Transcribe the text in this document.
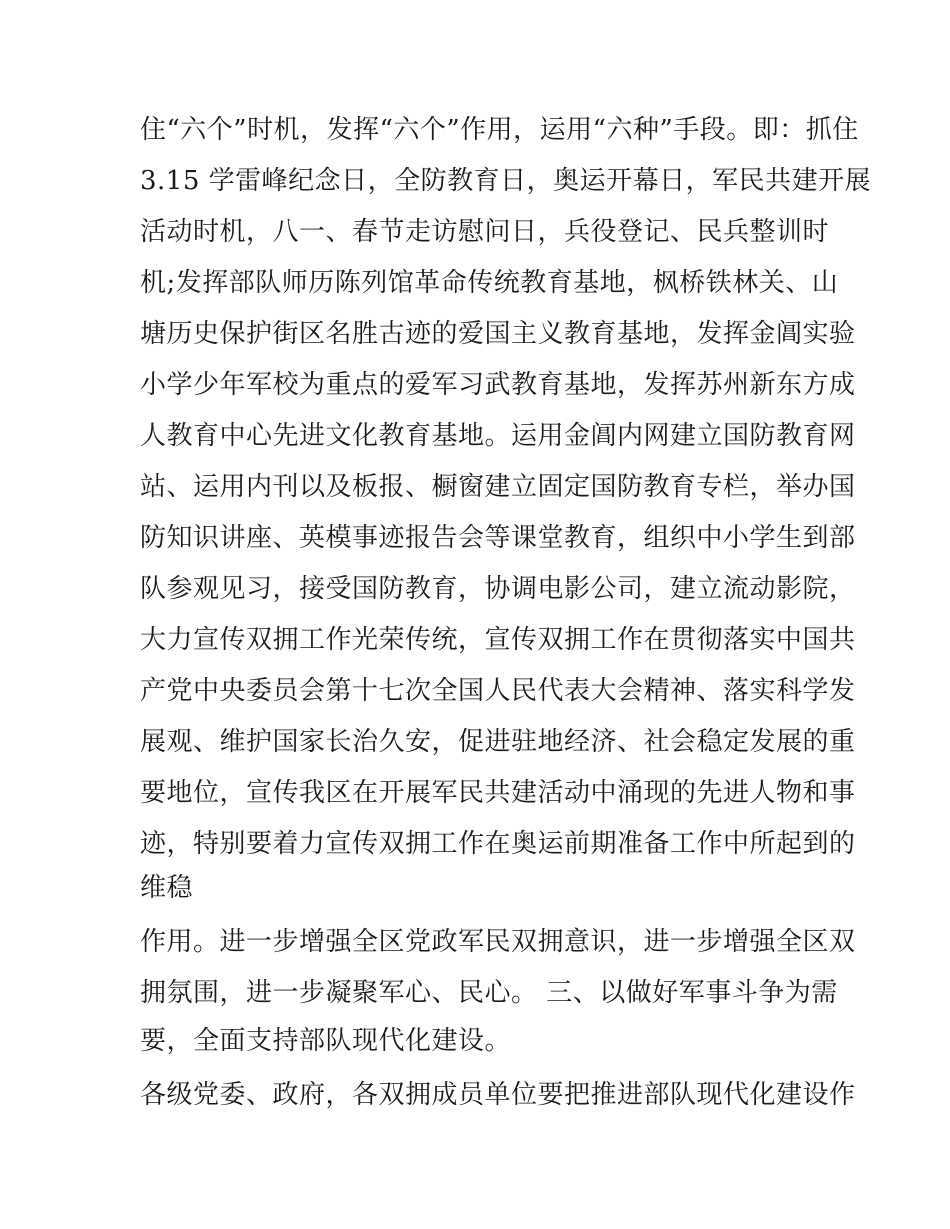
住“六个”时机，发挥“六个”作用，运用“六种”手段。即：抓住
3.15 学雷峰纪念日，全防教育日，奥运开幕日，军民共建开展
活动时机，八一、春节走访慰问日，兵役登记、民兵整训时
机;发挥部队师历陈列馆革命传统教育基地，枫桥铁林关、山
塘历史保护街区名胜古迹的爱国主义教育基地，发挥金阊实验
小学少年军校为重点的爱军习武教育基地，发挥苏州新东方成
人教育中心先进文化教育基地。运用金阊内网建立国防教育网
站、运用内刊以及板报、橱窗建立固定国防教育专栏，举办国
防知识讲座、英模事迹报告会等课堂教育，组织中小学生到部
队参观见习，接受国防教育，协调电影公司，建立流动影院，
大力宣传双拥工作光荣传统，宣传双拥工作在贯彻落实中国共
产党中央委员会第十七次全国人民代表大会精神、落实科学发
展观、维护国家长治久安，促进驻地经济、社会稳定发展的重
要地位，宣传我区在开展军民共建活动中涌现的先进人物和事
迹，特别要着力宣传双拥工作在奥运前期准备工作中所起到的
维稳
作用。进一步增强全区党政军民双拥意识，进一步增强全区双
拥氛围，进一步凝聚军心、民心。 三、以做好军事斗争为需
要，全面支持部队现代化建设。
各级党委、政府，各双拥成员单位要把推进部队现代化建设作
